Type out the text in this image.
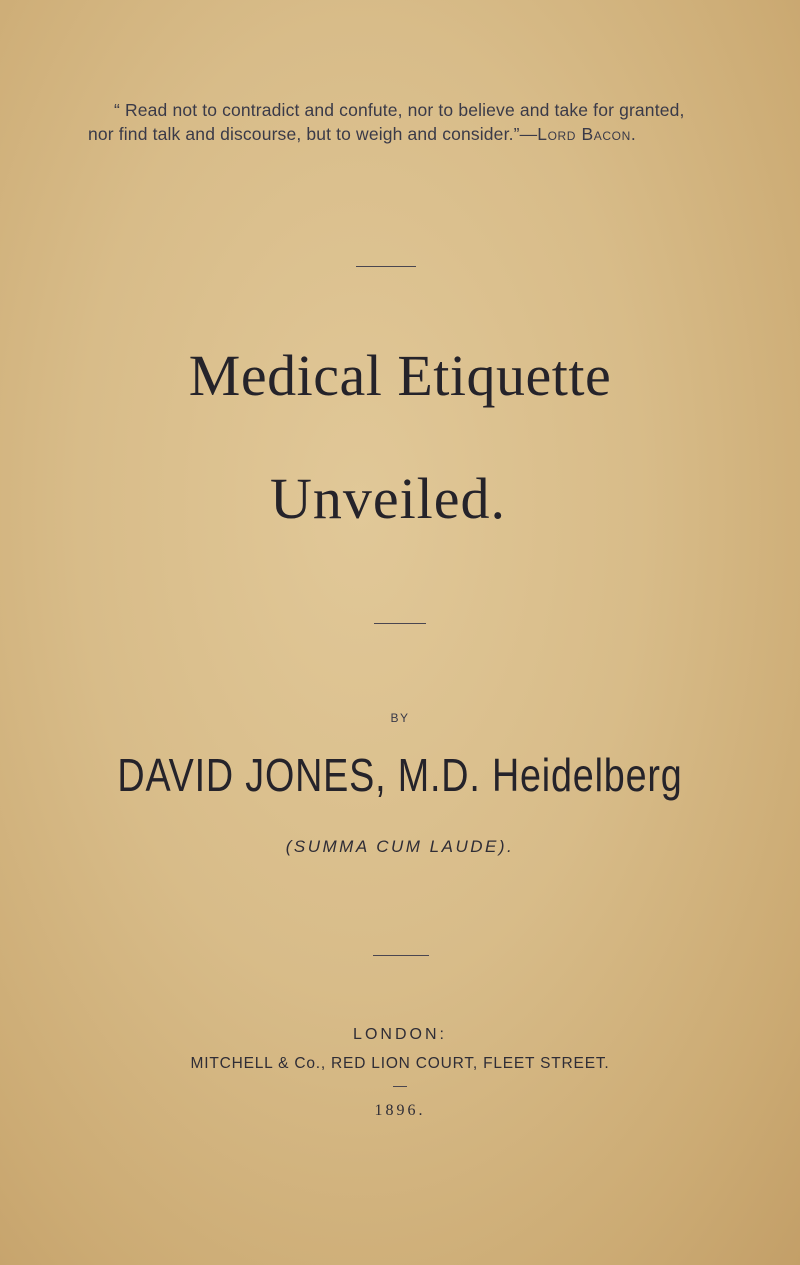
“ Read not to contradict and confute, nor to believe and take for granted,
nor find talk and discourse, but to weigh and consider.”—Lord Bacon.
Medical Etiquette
Unveiled.
BY
DAVID JONES, M.D. Heidelberg
(SUMMA CUM LAUDE).
LONDON:
MITCHELL & Co., RED LION COURT, FLEET STREET.
1896.
